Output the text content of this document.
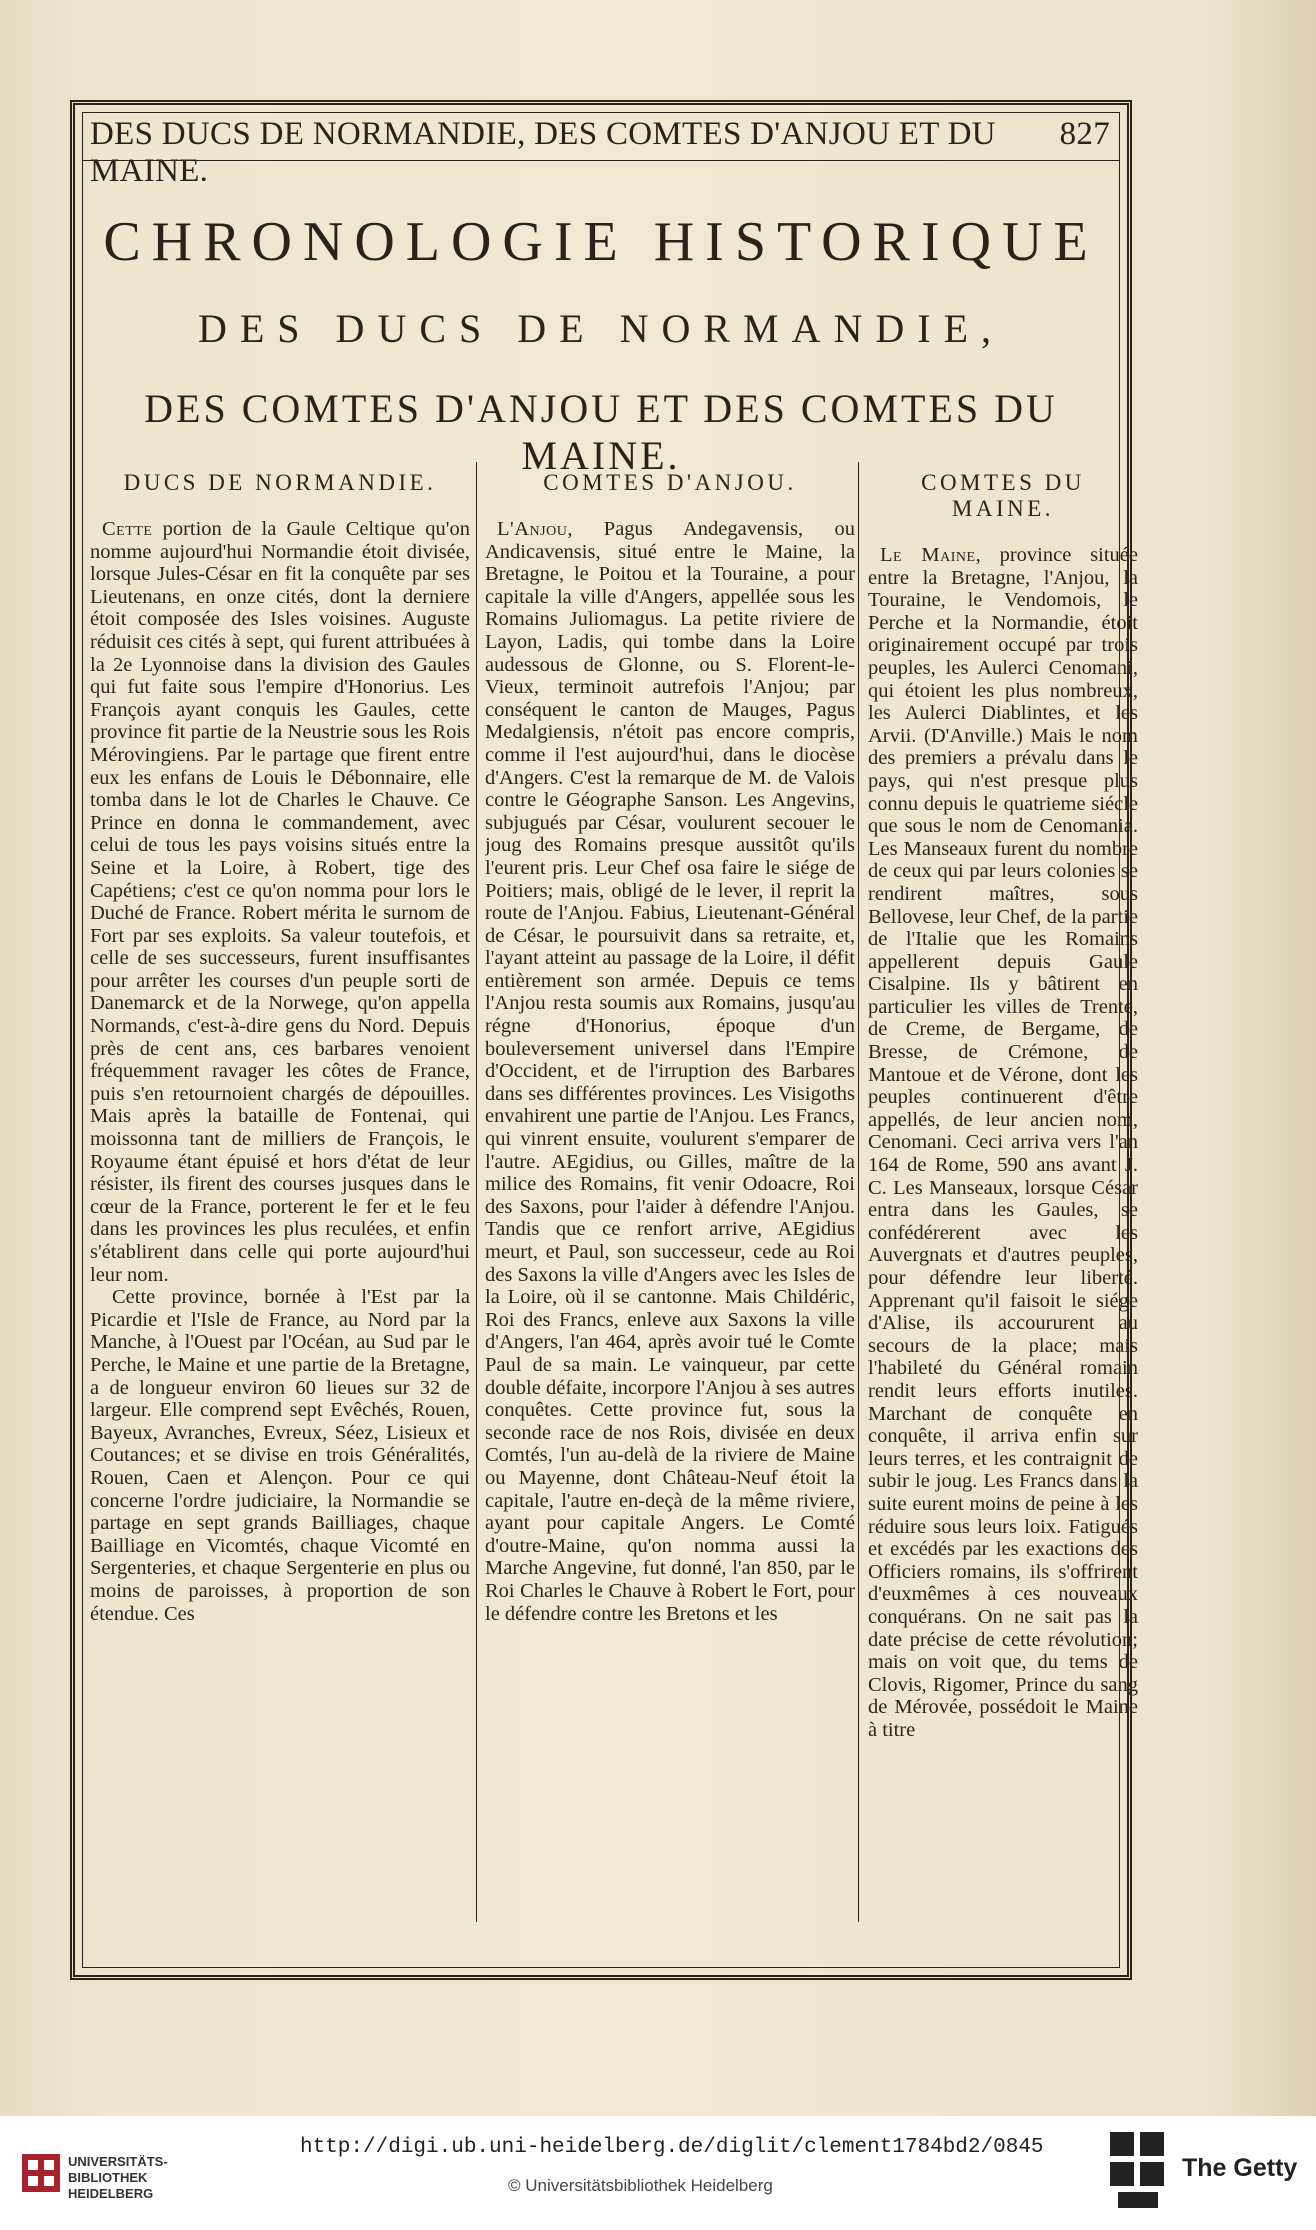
DES DUCS DE NORMANDIE, DES COMTES D'ANJOU ET DU MAINE.
827
CHRONOLOGIE HISTORIQUE
DES DUCS DE NORMANDIE,
DES COMTES D'ANJOU ET DES COMTES DU MAINE.
DUCS DE NORMANDIE.

Cette portion de la Gaule Celtique qu'on nomme aujourd'hui Normandie étoit divisée, lorsque Jules-César en fit la conquête par ses Lieutenans, en onze cités, dont la derniere étoit composée des Isles voisines. Auguste réduisit ces cités à sept, qui furent attribuées à la 2e Lyonnoise dans la division des Gaules qui fut faite sous l'empire d'Honorius. Les François ayant conquis les Gaules, cette province fit partie de la Neustrie sous les Rois Mérovingiens. Par le partage que firent entre eux les enfans de Louis le Débonnaire, elle tomba dans le lot de Charles le Chauve. Ce Prince en donna le commandement, avec celui de tous les pays voisins situés entre la Seine et la Loire, à Robert, tige des Capétiens; c'est ce qu'on nomma pour lors le Duché de France. Robert mérita le surnom de Fort par ses exploits. Sa valeur toutefois, et celle de ses successeurs, furent insuffisantes pour arrêter les courses d'un peuple sorti de Danemarck et de la Norwege, qu'on appella Normands, c'est-à-dire gens du Nord. Depuis près de cent ans, ces barbares venoient fréquemment ravager les côtes de France, puis s'en retournoient chargés de dépouilles. Mais après la bataille de Fontenai, qui moissonna tant de milliers de François, le Royaume étant épuisé et hors d'état de leur résister, ils firent des courses jusques dans le cœur de la France, porterent le fer et le feu dans les provinces les plus reculées, et enfin s'établirent dans celle qui porte aujourd'hui leur nom.

Cette province, bornée à l'Est par la Picardie et l'Isle de France, au Nord par la Manche, à l'Ouest par l'Océan, au Sud par le Perche, le Maine et une partie de la Bretagne, a de longueur environ 60 lieues sur 32 de largeur. Elle comprend sept Evêchés, Rouen, Bayeux, Avranches, Evreux, Séez, Lisieux et Coutances; et se divise en trois Généralités, Rouen, Caen et Alençon. Pour ce qui concerne l'ordre judiciaire, la Normandie se partage en sept grands Bailliages, chaque Bailliage en Vicomtés, chaque Vicomté en Sergenteries, et chaque Sergenterie en plus ou moins de paroisses, à proportion de son étendue. Ces

COMTES D'ANJOU.

L'Anjou, Pagus Andegavensis, ou Andicavensis, situé entre le Maine, la Bretagne, le Poitou et la Touraine, a pour capitale la ville d'Angers, appellée sous les Romains Juliomagus. La petite riviere de Layon, Ladis, qui tombe dans la Loire audessous de Glonne, ou S. Florent-le-Vieux, terminoit autrefois l'Anjou; par conséquent le canton de Mauges, Pagus Medalgiensis, n'étoit pas encore compris, comme il l'est aujourd'hui, dans le diocèse d'Angers. C'est la remarque de M. de Valois contre le Géographe Sanson. Les Angevins, subjugués par César, voulurent secouer le joug des Romains presque aussitôt qu'ils l'eurent pris. Leur Chef osa faire le siége de Poitiers; mais, obligé de le lever, il reprit la route de l'Anjou. Fabius, Lieutenant-Général de César, le poursuivit dans sa retraite, et, l'ayant atteint au passage de la Loire, il défit entièrement son armée. Depuis ce tems l'Anjou resta soumis aux Romains, jusqu'au régne d'Honorius, époque d'un bouleversement universel dans l'Empire d'Occident, et de l'irruption des Barbares dans ses différentes provinces. Les Visigoths envahirent une partie de l'Anjou. Les Francs, qui vinrent ensuite, voulurent s'emparer de l'autre. AEgidius, ou Gilles, maître de la milice des Romains, fit venir Odoacre, Roi des Saxons, pour l'aider à défendre l'Anjou. Tandis que ce renfort arrive, AEgidius meurt, et Paul, son successeur, cede au Roi des Saxons la ville d'Angers avec les Isles de la Loire, où il se cantonne. Mais Childéric, Roi des Francs, enleve aux Saxons la ville d'Angers, l'an 464, après avoir tué le Comte Paul de sa main. Le vainqueur, par cette double défaite, incorpore l'Anjou à ses autres conquêtes. Cette province fut, sous la seconde race de nos Rois, divisée en deux Comtés, l'un au-delà de la riviere de Maine ou Mayenne, dont Château-Neuf étoit la capitale, l'autre en-deçà de la même riviere, ayant pour capitale Angers. Le Comté d'outre-Maine, qu'on nomma aussi la Marche Angevine, fut donné, l'an 850, par le Roi Charles le Chauve à Robert le Fort, pour le défendre contre les Bretons et les

COMTES DU MAINE.

Le Maine, province située entre la Bretagne, l'Anjou, la Touraine, le Vendomois, le Perche et la Normandie, étoit originairement occupé par trois peuples, les Aulerci Cenomani, qui étoient les plus nombreux, les Aulerci Diablintes, et les Arvii. (D'Anville.) Mais le nom des premiers a prévalu dans le pays, qui n'est presque plus connu depuis le quatrieme siécle que sous le nom de Cenomania. Les Manseaux furent du nombre de ceux qui par leurs colonies se rendirent maîtres, sous Bellovese, leur Chef, de la partie de l'Italie que les Romains appellerent depuis Gaule Cisalpine. Ils y bâtirent en particulier les villes de Trente, de Creme, de Bergame, de Bresse, de Crémone, de Mantoue et de Vérone, dont les peuples continuerent d'être appellés, de leur ancien nom, Cenomani. Ceci arriva vers l'an 164 de Rome, 590 ans avant J. C. Les Manseaux, lorsque César entra dans les Gaules, se confédérerent avec les Auvergnats et d'autres peuples, pour défendre leur liberté. Apprenant qu'il faisoit le siége d'Alise, ils accoururent au secours de la place; mais l'habileté du Général romain rendit leurs efforts inutiles. Marchant de conquête en conquête, il arriva enfin sur leurs terres, et les contraignit de subir le joug. Les Francs dans la suite eurent moins de peine à les réduire sous leurs loix. Fatigués et excédés par les exactions des Officiers romains, ils s'offrirent d'euxmêmes à ces nouveaux conquérans. On ne sait pas la date précise de cette révolution; mais on voit que, du tems de Clovis, Rigomer, Prince du sang de Mérovée, possédoit le Maine à titre

UNIVERSITÄTS-
BIBLIOTHEK
HEIDELBERG
http://digi.ub.uni-heidelberg.de/diglit/clement1784bd2/0845
© Universitätsbibliothek Heidelberg
The Getty
